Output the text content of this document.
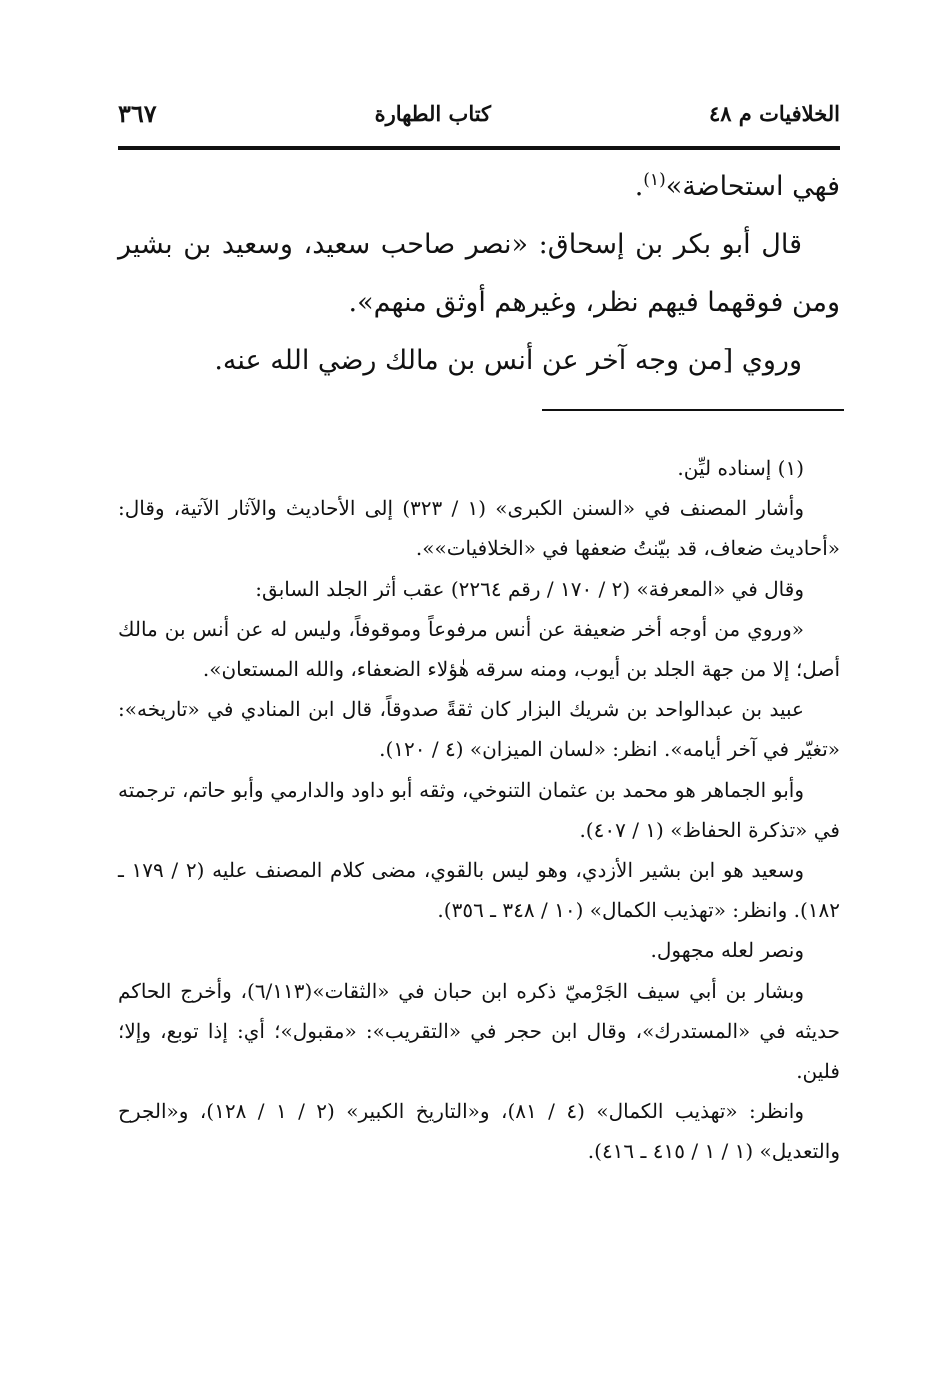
الخلافيات م ٤٨
كتاب الطهارة
٣٦٧

فهي استحاضة»$^{(١)}$.

قال أبو بكر بن إسحاق: «نصر صاحب سعيد، وسعيد بن بشير ومن فوقهما فيهم نظر، وغيرهم أوثق منهم».

وروي [من وجه آخر عن أنس بن مالك رضي الله عنه.

(١) إسناده ليِّن.

وأشار المصنف في «السنن الكبرى» (١ / ٣٢٣) إلى الأحاديث والآثار الآتية، وقال: «أحاديث ضعاف، قد بيّنتُ ضعفها في «الخلافيات»».

وقال في «المعرفة» (٢ / ١٧٠ / رقم ٢٢٦٤) عقب أثر الجلد السابق:

«وروي من أوجه أخر ضعيفة عن أنس مرفوعاً وموقوفاً، وليس له عن أنس بن مالك أصل؛ إلا من جهة الجلد بن أيوب، ومنه سرقه هٰؤلاء الضعفاء، والله المستعان».

عبيد بن عبدالواحد بن شريك البزار كان ثقةً صدوقاً، قال ابن المنادي في «تاريخه»: «تغيّر في آخر أيامه». انظر: «لسان الميزان» (٤ / ١٢٠).

وأبو الجماهر هو محمد بن عثمان التنوخي، وثقه أبو داود والدارمي وأبو حاتم، ترجمته في «تذكرة الحفاظ» (١ / ٤٠٧).

وسعيد هو ابن بشير الأزدي، وهو ليس بالقوي، مضى كلام المصنف عليه (٢ / ١٧٩ ـ ١٨٢). وانظر: «تهذيب الكمال» (١٠ / ٣٤٨ ـ ٣٥٦).

ونصر لعله مجهول.

وبشار بن أبي سيف الجَرْميّ ذكره ابن حبان في «الثقات»(٦/١١٣)، وأخرج الحاكم حديثه في «المستدرك»، وقال ابن حجر في «التقريب»: «مقبول»؛ أي: إذا توبع، وإلا؛ فلين.

وانظر: «تهذيب الكمال» (٤ / ٨١)، و«التاريخ الكبير» (٢ / ١ / ١٢٨)، و«الجرح والتعديل» (١ / ١ / ٤١٥ ـ ٤١٦).
